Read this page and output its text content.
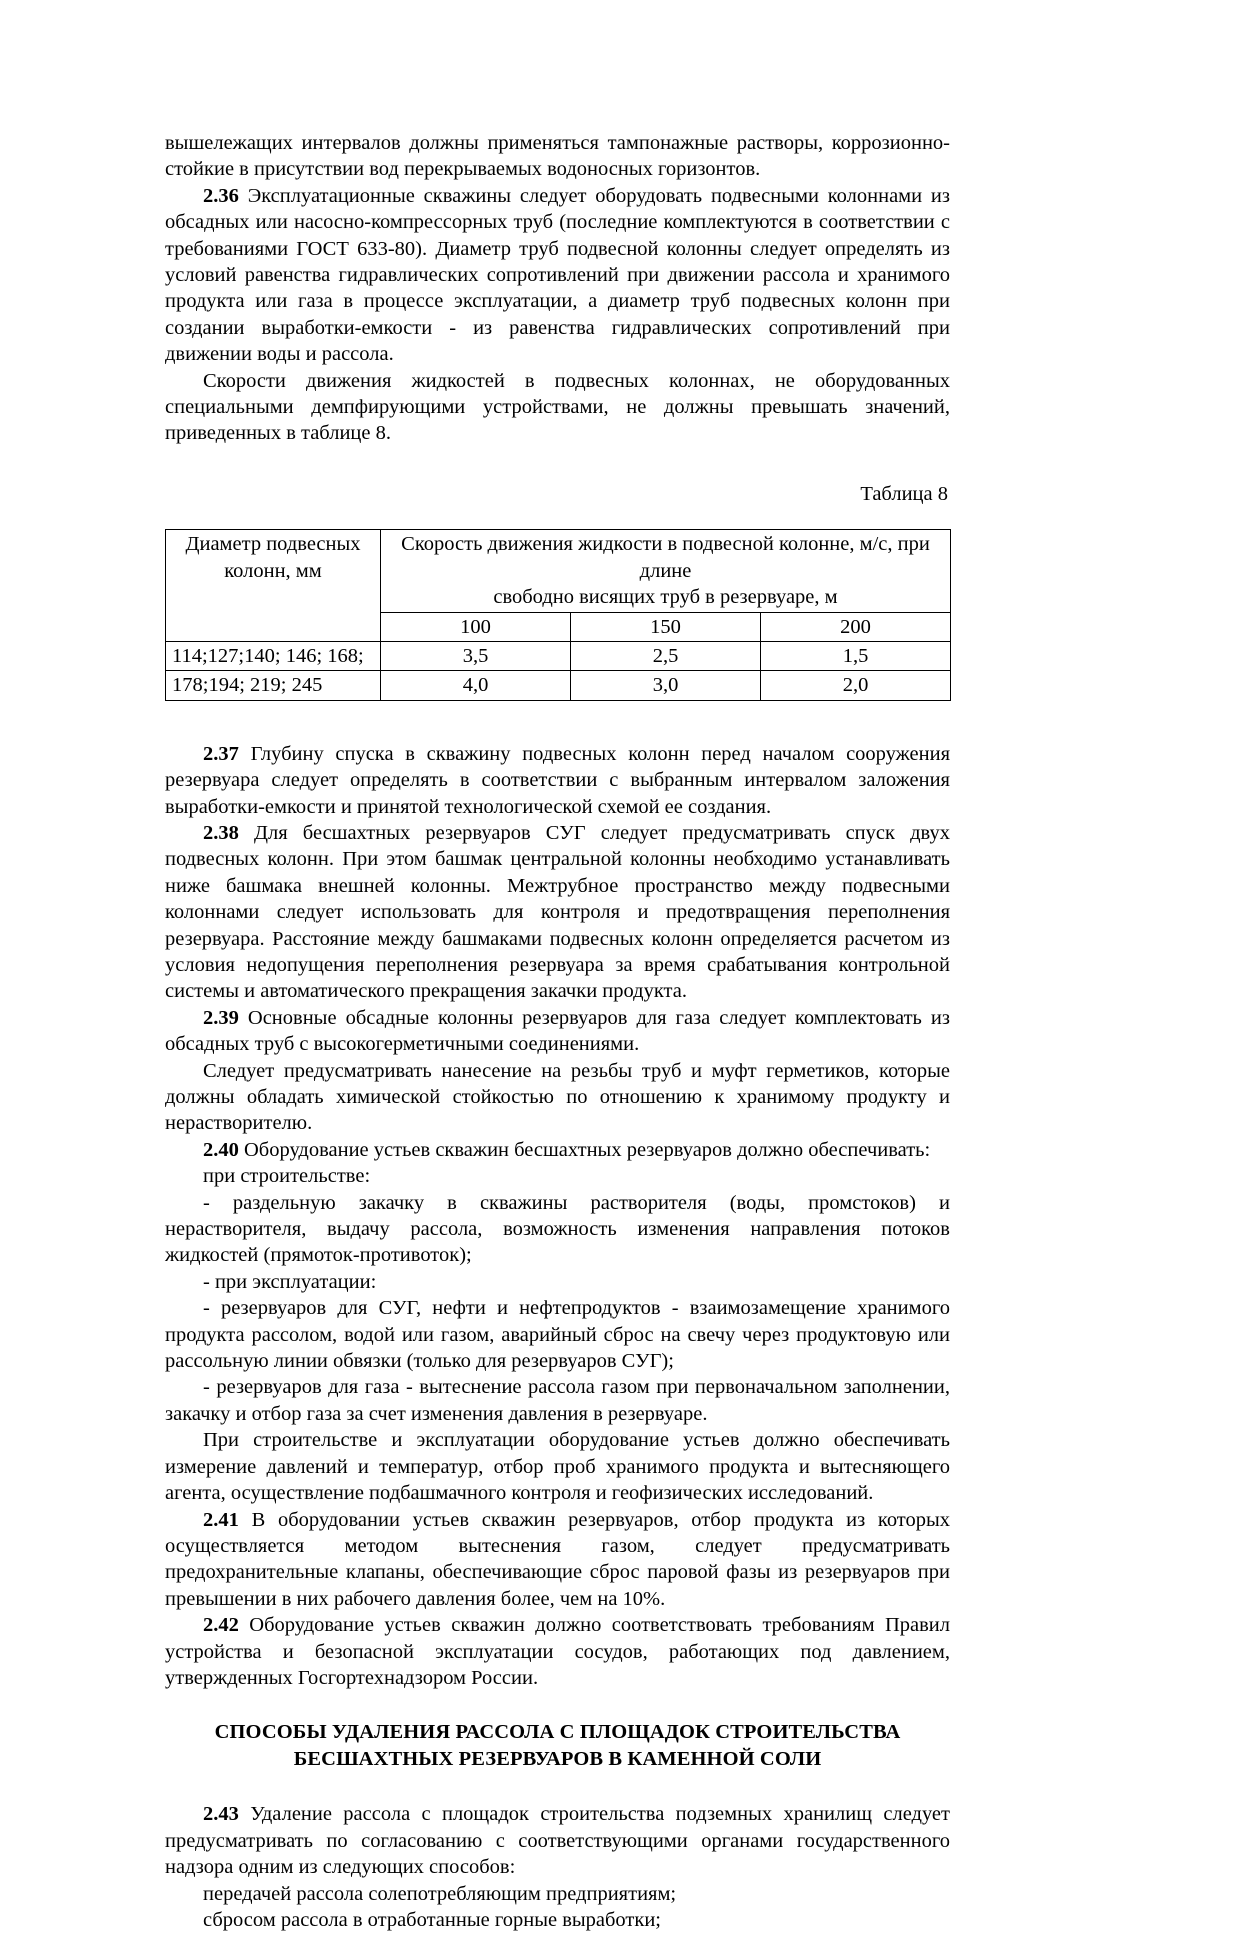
вышележащих интервалов должны применяться тампонажные растворы, коррозионно-стойкие в присутствии вод перекрываемых водоносных горизонтов.

2.36 Эксплуатационные скважины следует оборудовать подвесными колоннами из обсадных или насосно-компрессорных труб (последние комплектуются в соответствии с требованиями ГОСТ 633-80). Диаметр труб подвесной колонны следует определять из условий равенства гидравлических сопротивлений при движении рассола и хранимого продукта или газа в процессе эксплуатации, а диаметр труб подвесных колонн при создании выработки-емкости - из равенства гидравлических сопротивлений при движении воды и рассола.

Скорости движения жидкостей в подвесных колоннах, не оборудованных специальными демпфирующими устройствами, не должны превышать значений, приведенных в таблице 8.

Таблица 8

Диаметр подвесных
колонн, мм	Скорость движения жидкости в подвесной колонне, м/с, при длине
свободно висящих труб в резервуаре, м		

	100	150	200
114;127;140; 146; 168;	3,5	2,5	1,5
178;194; 219; 245	4,0	3,0	2,0

2.37 Глубину спуска в скважину подвесных колонн перед началом сооружения резервуара следует определять в соответствии с выбранным интервалом заложения выработки-емкости и принятой технологической схемой ее создания.

2.38 Для бесшахтных резервуаров СУГ следует предусматривать спуск двух подвесных колонн. При этом башмак центральной колонны необходимо устанавливать ниже башмака внешней колонны. Межтрубное пространство между подвесными колоннами следует использовать для контроля и предотвращения переполнения резервуара. Расстояние между башмаками подвесных колонн определяется расчетом из условия недопущения переполнения резервуара за время срабатывания контрольной системы и автоматического прекращения закачки продукта.

2.39 Основные обсадные колонны резервуаров для газа следует комплектовать из обсадных труб с высокогерметичными соединениями.

Следует предусматривать нанесение на резьбы труб и муфт герметиков, которые должны обладать химической стойкостью по отношению к хранимому продукту и нерастворителю.

2.40 Оборудование устьев скважин бесшахтных резервуаров должно обеспечивать:

при строительстве:

- раздельную закачку в скважины растворителя (воды, промстоков) и нерастворителя, выдачу рассола, возможность изменения направления потоков жидкостей (прямоток-противоток);

- при эксплуатации:

- резервуаров для СУГ, нефти и нефтепродуктов - взаимозамещение хранимого продукта рассолом, водой или газом, аварийный сброс на свечу через продуктовую или рассольную линии обвязки (только для резервуаров СУГ);

- резервуаров для газа - вытеснение рассола газом при первоначальном заполнении, закачку и отбор газа за счет изменения давления в резервуаре.

При строительстве и эксплуатации оборудование устьев должно обеспечивать измерение давлений и температур, отбор проб хранимого продукта и вытесняющего агента, осуществление подбашмачного контроля и геофизических исследований.

2.41 В оборудовании устьев скважин резервуаров, отбор продукта из которых осуществляется методом вытеснения газом, следует предусматривать предохранительные клапаны, обеспечивающие сброс паровой фазы из резервуаров при превышении в них рабочего давления более, чем на 10%.

2.42 Оборудование устьев скважин должно соответствовать требованиям Правил устройства и безопасной эксплуатации сосудов, работающих под давлением, утвержденных Госгортехнадзором России.

СПОСОБЫ УДАЛЕНИЯ РАССОЛА С ПЛОЩАДОК СТРОИТЕЛЬСТВА
БЕСШАХТНЫХ РЕЗЕРВУАРОВ В КАМЕННОЙ СОЛИ

2.43 Удаление рассола с площадок строительства подземных хранилищ следует предусматривать по согласованию с соответствующими органами государственного надзора одним из следующих способов:

передачей рассола солепотребляющим предприятиям;

сбросом рассола в отработанные горные выработки;
